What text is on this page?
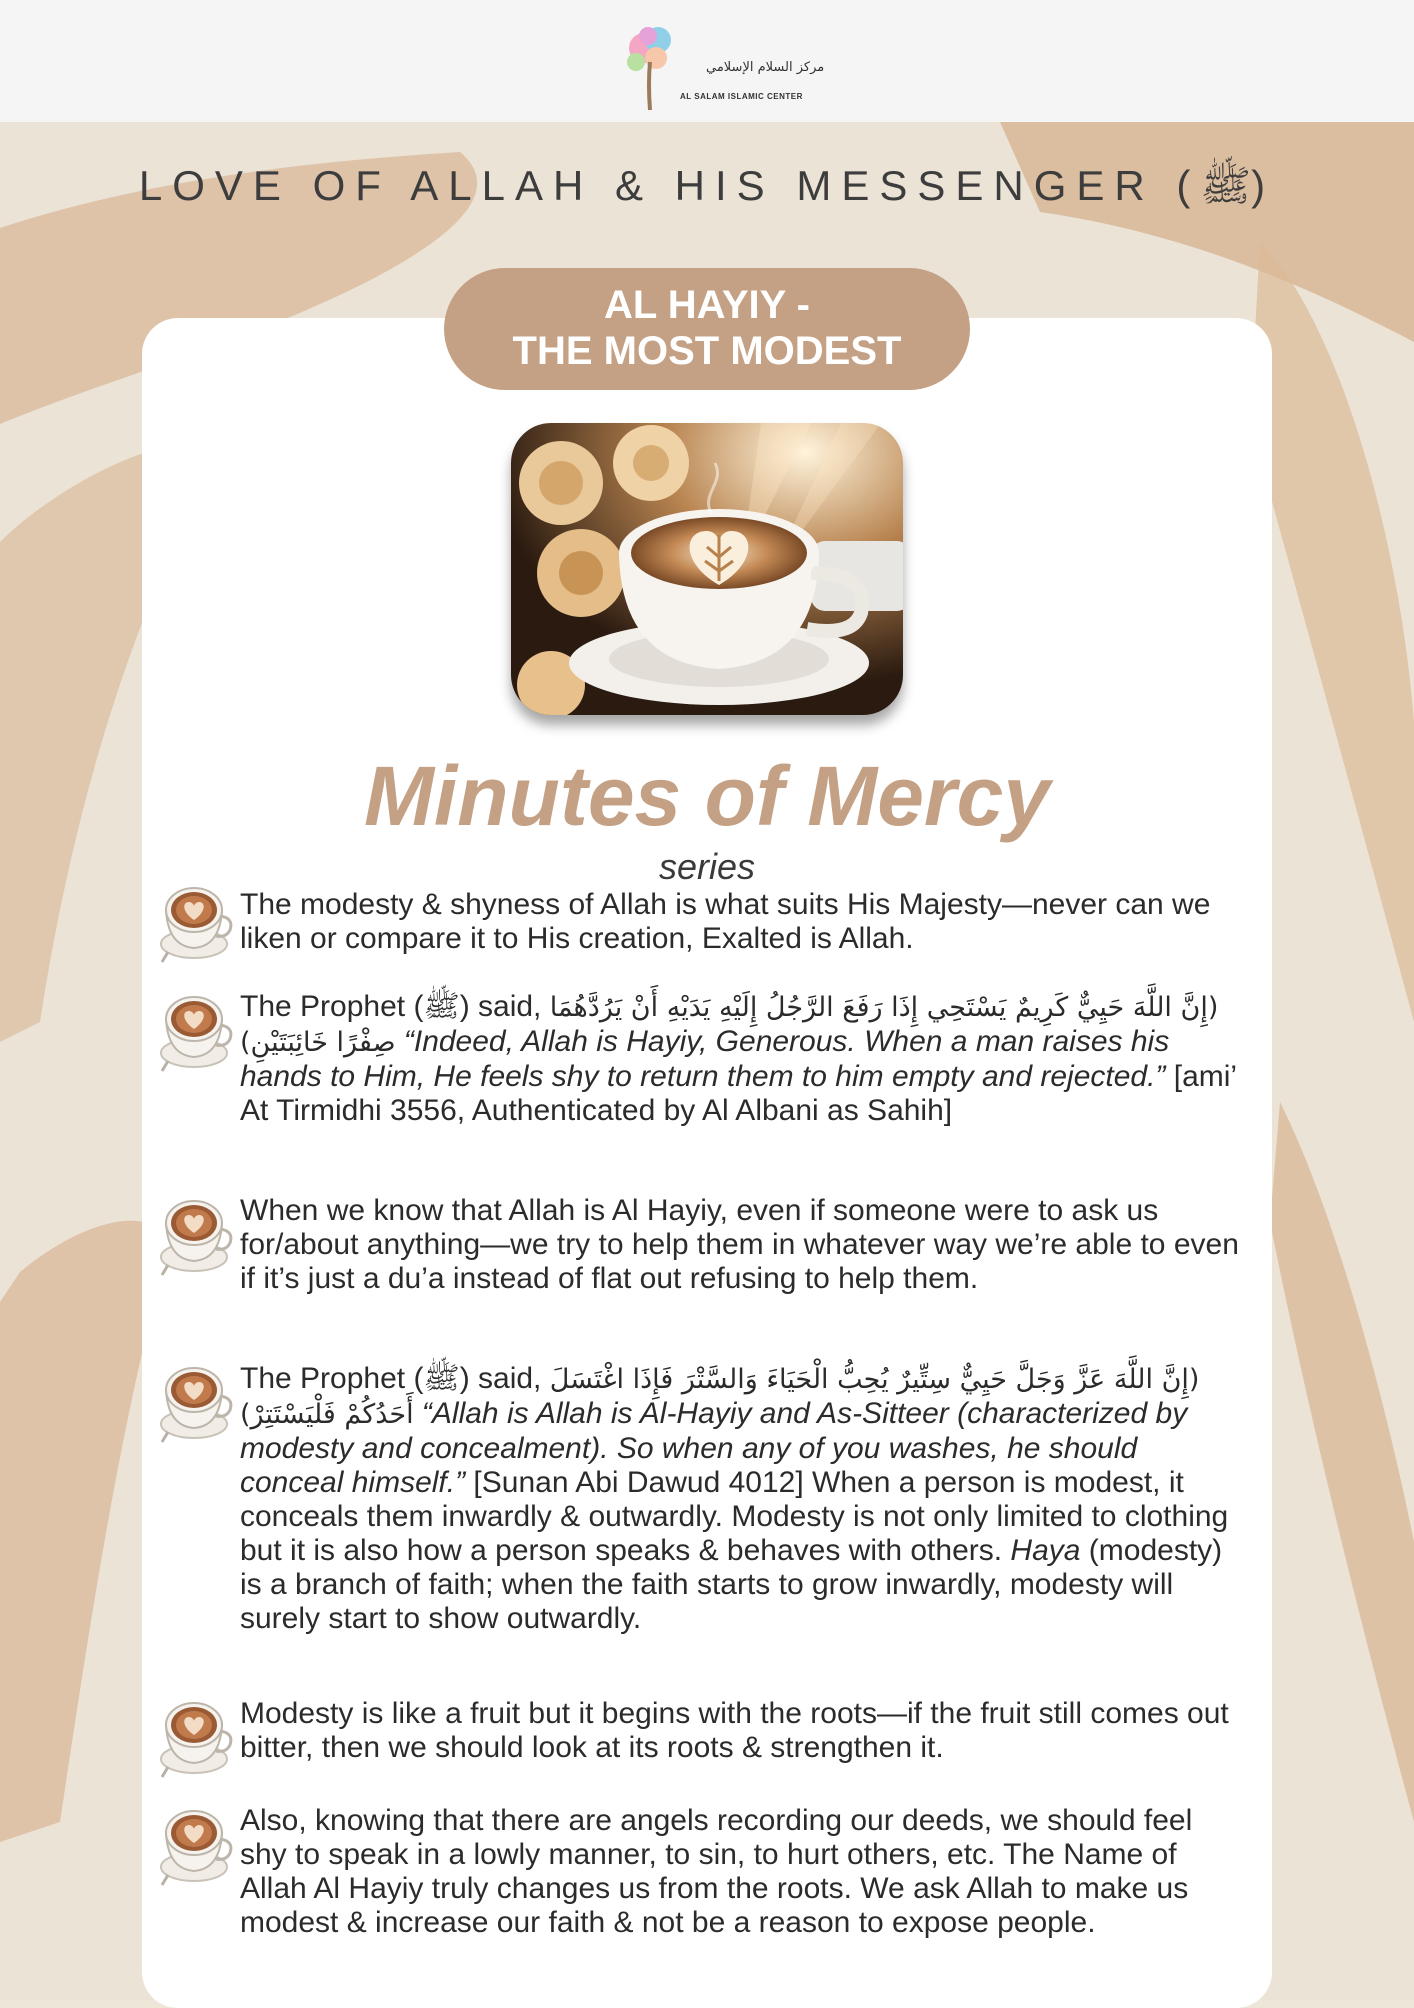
مركز السلام الإسلامي
AL SALAM ISLAMIC CENTER
LOVE OF ALLAH & HIS MESSENGER (ﷺ)
AL HAYIY -
THE MOST MODEST
Minutes of Mercy
series

The modesty & shyness of Allah is what suits His Majesty—never can we liken or compare it to His creation, Exalted is Allah.

The Prophet (ﷺ) said, (إِنَّ اللَّهَ حَيِيٌّ كَرِيمٌ يَسْتَحِي إِذَا رَفَعَ الرَّجُلُ إِلَيْهِ يَدَيْهِ أَنْ يَرُدَّهُمَا صِفْرًا خَائِبَتَيْنِ) “Indeed, Allah is Hayiy, Generous. When a man raises his hands to Him, He feels shy to return them to him empty and rejected.” [ami’ At Tirmidhi 3556, Authenticated by Al Albani as Sahih]

When we know that Allah is Al Hayiy, even if someone were to ask us for/about anything—we try to help them in whatever way we’re able to even if it’s just a du’a instead of flat out refusing to help them.

The Prophet (ﷺ) said, (إِنَّ اللَّهَ عَزَّ وَجَلَّ حَيِيٌّ سِتِّيرٌ يُحِبُّ الْحَيَاءَ وَالسَّتْرَ فَإِذَا اغْتَسَلَ أَحَدُكُمْ فَلْيَسْتَتِرْ) “Allah is Allah is Al-Hayiy and As-Sitteer (characterized by modesty and concealment). So when any of you washes, he should conceal himself.” [Sunan Abi Dawud 4012] When a person is modest, it conceals them inwardly & outwardly. Modesty is not only limited to clothing but it is also how a person speaks & behaves with others. Haya (modesty) is a branch of faith; when the faith starts to grow inwardly, modesty will surely start to show outwardly.

Modesty is like a fruit but it begins with the roots—if the fruit still comes out bitter, then we should look at its roots & strengthen it.

Also, knowing that there are angels recording our deeds, we should feel shy to speak in a lowly manner, to sin, to hurt others, etc. The Name of Allah Al Hayiy truly changes us from the roots. We ask Allah to make us modest & increase our faith & not be a reason to expose people.
